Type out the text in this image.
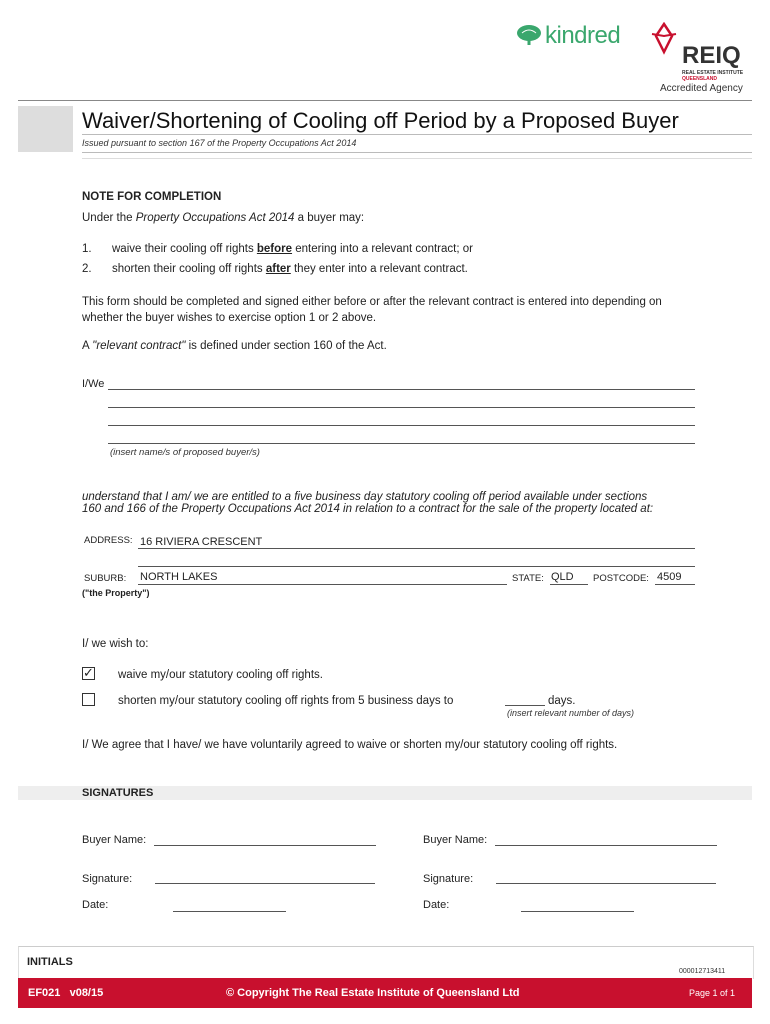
kindred
REIQ
REAL ESTATE INSTITUTE
QUEENSLAND
Accredited Agency
Waiver/Shortening of Cooling off Period by a Proposed Buyer
Issued pursuant to section 167 of the Property Occupations Act 2014
NOTE FOR COMPLETION
Under the Property Occupations Act 2014 a buyer may:
1. waive their cooling off rights before entering into a relevant contract; or
2. shorten their cooling off rights after they enter into a relevant contract.
This form should be completed and signed either before or after the relevant contract is entered into depending on
whether the buyer wishes to exercise option 1 or 2 above.
A "relevant contract" is defined under section 160 of the Act.
I/We
(insert name/s of proposed buyer/s)
understand that I am/ we are entitled to a five business day statutory cooling off period available under sections
160 and 166 of the Property Occupations Act 2014 in relation to a contract for the sale of the property located at:
ADDRESS: 16 RIVIERA CRESCENT
SUBURB: NORTH LAKES	STATE: QLD POSTCODE: 4509
("the Property")
I/ we wish to:
✓ waive my/our statutory cooling off rights.
shorten my/our statutory cooling off rights from 5 business days to	days.
(insert relevant number of days)
I/ We agree that I have/ we have voluntarily agreed to waive or shorten my/our statutory cooling off rights.
SIGNATURES
Buyer Name:	Buyer Name:
Signature:	Signature:
Date:	Date:
INITIALS
000012713411
EF021   v08/15	© Copyright The Real Estate Institute of Queensland Ltd	Page 1 of 1
